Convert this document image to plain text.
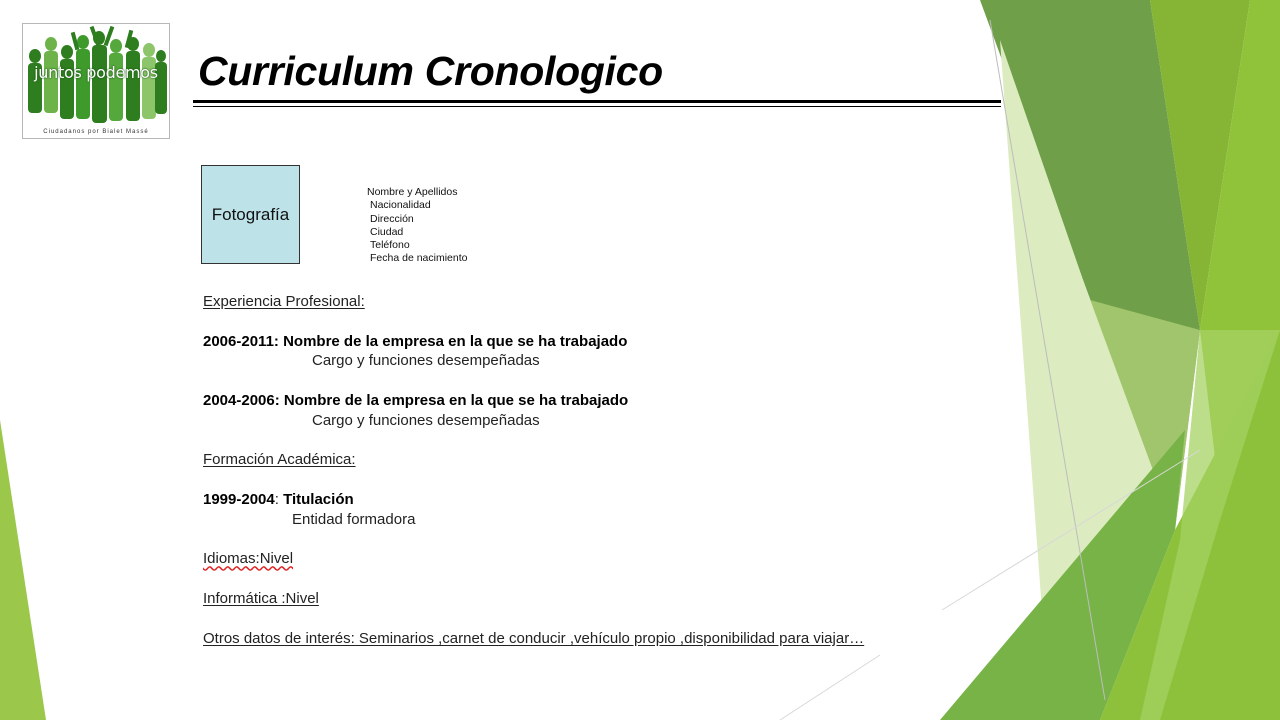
juntos podemos
Ciudadanos por Bialet Massé
Curriculum Cronologico
Fotografía
Nombre y Apellidos
Nacionalidad
Dirección
Ciudad
Teléfono
Fecha de nacimiento
Experiencia Profesional:
2006-2011: Nombre de la empresa en la que se ha trabajado
Cargo y funciones desempeñadas
2004-2006: Nombre de la empresa en la que se ha trabajado
Cargo y funciones desempeñadas
Formación Académica:
1999-2004: Titulación
Entidad formadora
Idiomas:Nivel
Informática :Nivel
Otros datos de interés: Seminarios ,carnet de conducir ,vehículo propio ,disponibilidad para viajar…
